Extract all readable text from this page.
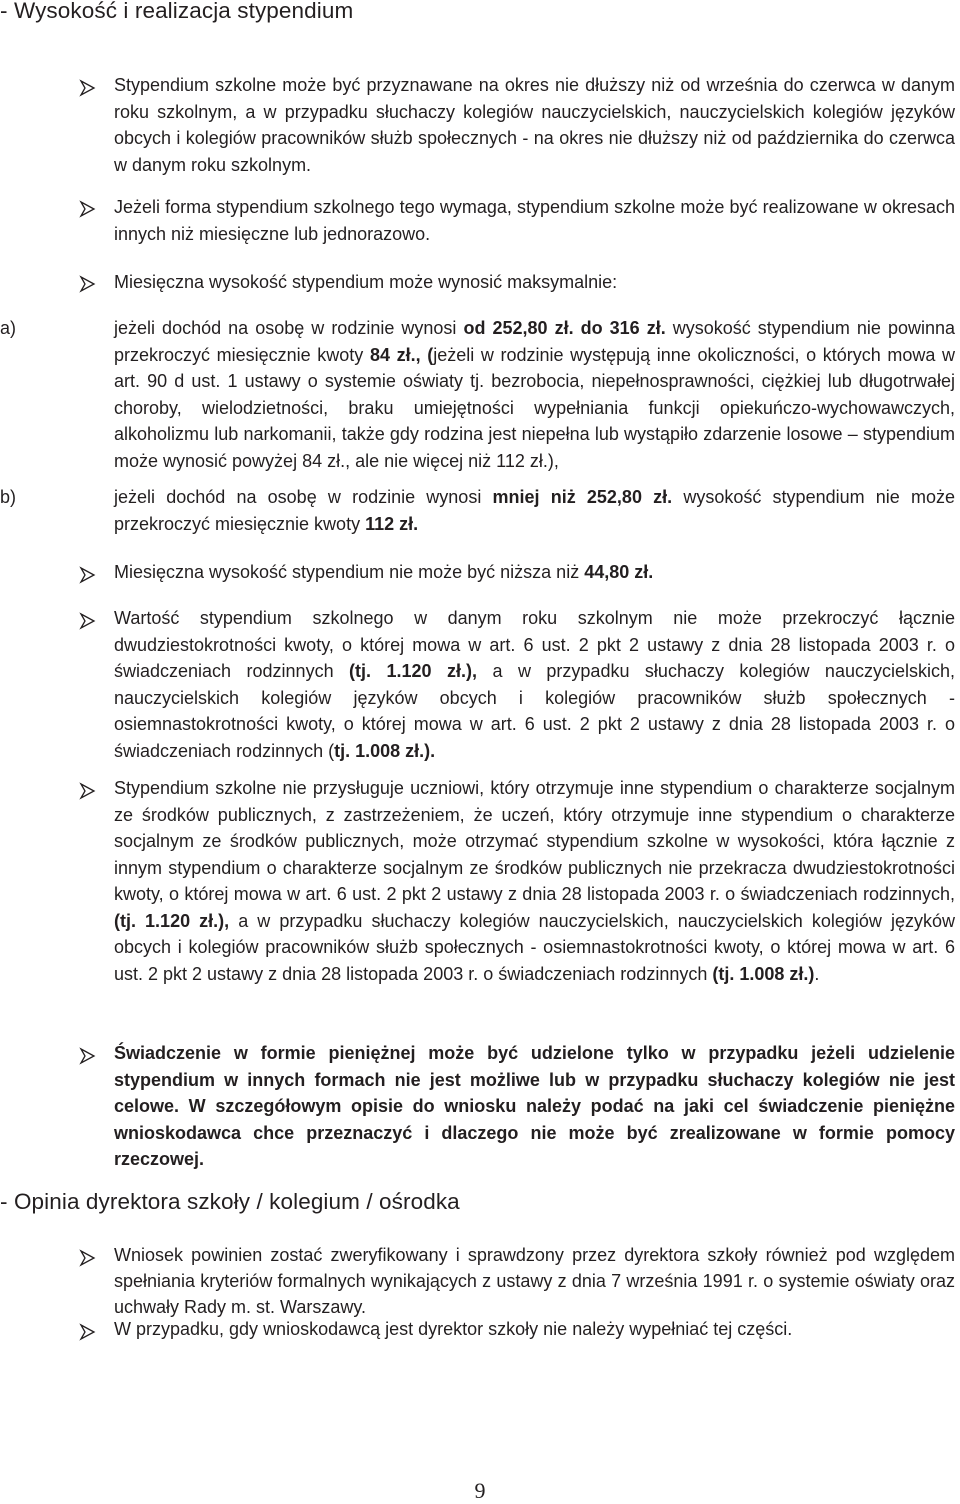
- Wysokość i realizacja stypendium
Stypendium szkolne może być przyznawane na okres nie dłuższy niż od września do czerwca w danym roku szkolnym, a w przypadku słuchaczy kolegiów nauczycielskich, nauczycielskich kolegiów języków obcych i kolegiów pracowników służb społecznych - na okres nie dłuższy niż od października do czerwca w danym roku szkolnym.
Jeżeli forma stypendium szkolnego tego wymaga, stypendium szkolne może być realizowane w okresach innych niż miesięczne lub jednorazowo.
Miesięczna wysokość stypendium może wynosić maksymalnie:
a)	jeżeli dochód na osobę w rodzinie wynosi od 252,80 zł. do 316 zł. wysokość stypendium nie powinna przekroczyć miesięcznie kwoty 84 zł., (jeżeli w rodzinie występują inne okoliczności, o których mowa w art. 90 d ust. 1 ustawy o systemie oświaty tj. bezrobocia, niepełnosprawności, ciężkiej lub długotrwałej choroby, wielodzietności, braku umiejętności wypełniania funkcji opiekuńczo-wychowawczych, alkoholizmu lub narkomanii, także gdy rodzina jest niepełna lub wystąpiło zdarzenie losowe – stypendium może wynosić powyżej 84 zł., ale nie więcej niż 112 zł.),
b)	jeżeli dochód na osobę w rodzinie wynosi mniej niż 252,80 zł. wysokość stypendium nie może przekroczyć miesięcznie kwoty 112 zł.
Miesięczna wysokość stypendium nie może być niższa niż 44,80 zł.
Wartość stypendium szkolnego w danym roku szkolnym nie może przekroczyć łącznie dwudziestokrotności kwoty, o której mowa w art. 6 ust. 2 pkt 2 ustawy z dnia 28 listopada 2003 r. o świadczeniach rodzinnych (tj. 1.120 zł.), a w przypadku słuchaczy kolegiów nauczycielskich, nauczycielskich kolegiów języków obcych i kolegiów pracowników służb społecznych - osiemnastokrotności kwoty, o której mowa w art. 6 ust. 2 pkt 2 ustawy z dnia 28 listopada 2003 r. o świadczeniach rodzinnych (tj. 1.008 zł.).
Stypendium szkolne nie przysługuje uczniowi, który otrzymuje inne stypendium o charakterze socjalnym ze środków publicznych, z zastrzeżeniem, że uczeń, który otrzymuje inne stypendium o charakterze socjalnym ze środków publicznych, może otrzymać stypendium szkolne w wysokości, która łącznie z innym stypendium o charakterze socjalnym ze środków publicznych nie przekracza dwudziestokrotności kwoty, o której mowa w art. 6 ust. 2 pkt 2 ustawy z dnia 28 listopada 2003 r. o świadczeniach rodzinnych, (tj. 1.120 zł.), a w przypadku słuchaczy kolegiów nauczycielskich, nauczycielskich kolegiów języków obcych i kolegiów pracowników służb społecznych - osiemnastokrotności kwoty, o której mowa w art. 6 ust. 2 pkt 2 ustawy z dnia 28 listopada 2003 r. o świadczeniach rodzinnych (tj. 1.008 zł.).
Świadczenie w formie pieniężnej może być udzielone tylko w przypadku jeżeli udzielenie stypendium w innych formach nie jest możliwe lub w przypadku słuchaczy kolegiów nie jest celowe. W szczegółowym opisie do wniosku należy podać na jaki cel świadczenie pieniężne wnioskodawca chce przeznaczyć i dlaczego nie może być zrealizowane w formie pomocy rzeczowej.
- Opinia dyrektora szkoły / kolegium / ośrodka
Wniosek powinien zostać zweryfikowany i sprawdzony przez dyrektora szkoły również pod względem spełniania kryteriów formalnych wynikających z ustawy z dnia 7 września 1991 r. o systemie oświaty oraz uchwały Rady m. st. Warszawy.
W przypadku, gdy wnioskodawcą jest dyrektor szkoły nie należy wypełniać tej części.
9
